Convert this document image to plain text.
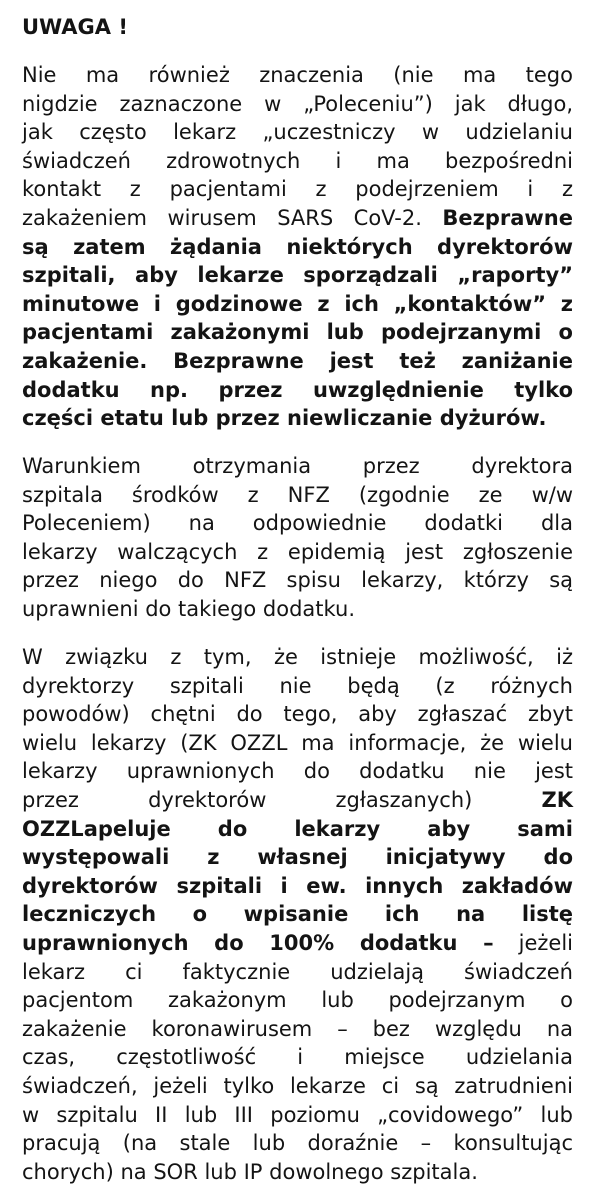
UWAGA !
Nie ma również znaczenia (nie ma tego
nigdzie zaznaczone w „Poleceniu”) jak długo,
jak często lekarz „uczestniczy w udzielaniu
świadczeń zdrowotnych i ma bezpośredni
kontakt z pacjentami z podejrzeniem i z
zakażeniem wirusem SARS CoV-2. Bezprawne
są zatem żądania niektórych dyrektorów
szpitali, aby lekarze sporządzali „raporty”
minutowe i godzinowe z ich „kontaktów” z
pacjentami zakażonymi lub podejrzanymi o
zakażenie. Bezprawne jest też zaniżanie
dodatku np. przez uwzględnienie tylko
części etatu lub przez niewliczanie dyżurów.
Warunkiem otrzymania przez dyrektora
szpitala środków z NFZ (zgodnie ze w/w
Poleceniem) na odpowiednie dodatki dla
lekarzy walczących z epidemią jest zgłoszenie
przez niego do NFZ spisu lekarzy, którzy są
uprawnieni do takiego dodatku.
W związku z tym, że istnieje możliwość, iż
dyrektorzy szpitali nie będą (z różnych
powodów) chętni do tego, aby zgłaszać zbyt
wielu lekarzy (ZK OZZL ma informacje, że wielu
lekarzy uprawnionych do dodatku nie jest
przez dyrektorów zgłaszanych) ZK
OZZLapeluje do lekarzy aby sami
występowali z własnej inicjatywy do
dyrektorów szpitali i ew. innych zakładów
leczniczych o wpisanie ich na listę
uprawnionych do 100% dodatku – jeżeli
lekarz ci faktycznie udzielają świadczeń
pacjentom zakażonym lub podejrzanym o
zakażenie koronawirusem – bez względu na
czas, częstotliwość i miejsce udzielania
świadczeń, jeżeli tylko lekarze ci są zatrudnieni
w szpitalu II lub III poziomu „covidowego” lub
pracują (na stale lub doraźnie – konsultując
chorych) na SOR lub IP dowolnego szpitala.
